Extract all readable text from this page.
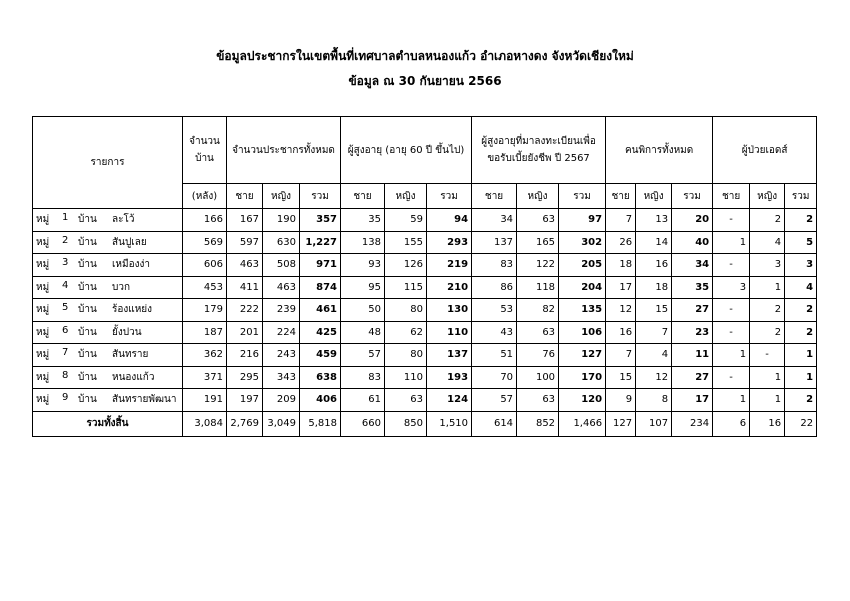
ข้อมูลประชากรในเขตพื้นที่เทศบาลตำบลหนองแก้ว อำเภอหางดง จังหวัดเชียงใหม่
ข้อมูล ณ 30 กันยายน 2566
รายการ	จำนวนบ้าน	จำนวนประชากรทั้งหมด			ผู้สูงอายุ (อายุ 60 ปี ขึ้นไป)			ผู้สูงอายุที่มาลงทะเบียนเพื่อขอรับเบี้ยยังชีพ ปี 2567			คนพิการทั้งหมด			ผู้ป่วยเอดส์		
	(หลัง)	ชาย	หญิง	รวม	ชาย	หญิง	รวม	ชาย	หญิง	รวม	ชาย	หญิง	รวม	ชาย	หญิง	รวม

หมู่ 1 บ้าน ละโว้	166	167	190	357	35	59	94	34	63	97	7	13	20	-	2	2

หมู่ 2 บ้าน สันปูเลย	569	597	630	1,227	138	155	293	137	165	302	26	14	40	1	4	5

หมู่ 3 บ้าน เหมืองง่า	606	463	508	971	93	126	219	83	122	205	18	16	34	-	3	3

หมู่ 4 บ้าน บวก	453	411	463	874	95	115	210	86	118	204	17	18	35	3	1	4

หมู่ 5 บ้าน ร้องแหย่ง	179	222	239	461	50	80	130	53	82	135	12	15	27	-	2	2

หมู่ 6 บ้าน ยั้งปวน	187	201	224	425	48	62	110	43	63	106	16	7	23	-	2	2

หมู่ 7 บ้าน สันทราย	362	216	243	459	57	80	137	51	76	127	7	4	11	1	-	1

หมู่ 8 บ้าน หนองแก้ว	371	295	343	638	83	110	193	70	100	170	15	12	27	-	1	1

หมู่ 9 บ้าน สันทรายพัฒนา	191	197	209	406	61	63	124	57	63	120	9	8	17	1	1	2
รวมทั้งสิ้น	3,084	2,769	3,049	5,818	660	850	1,510	614	852	1,466	127	107	234	6	16	22
